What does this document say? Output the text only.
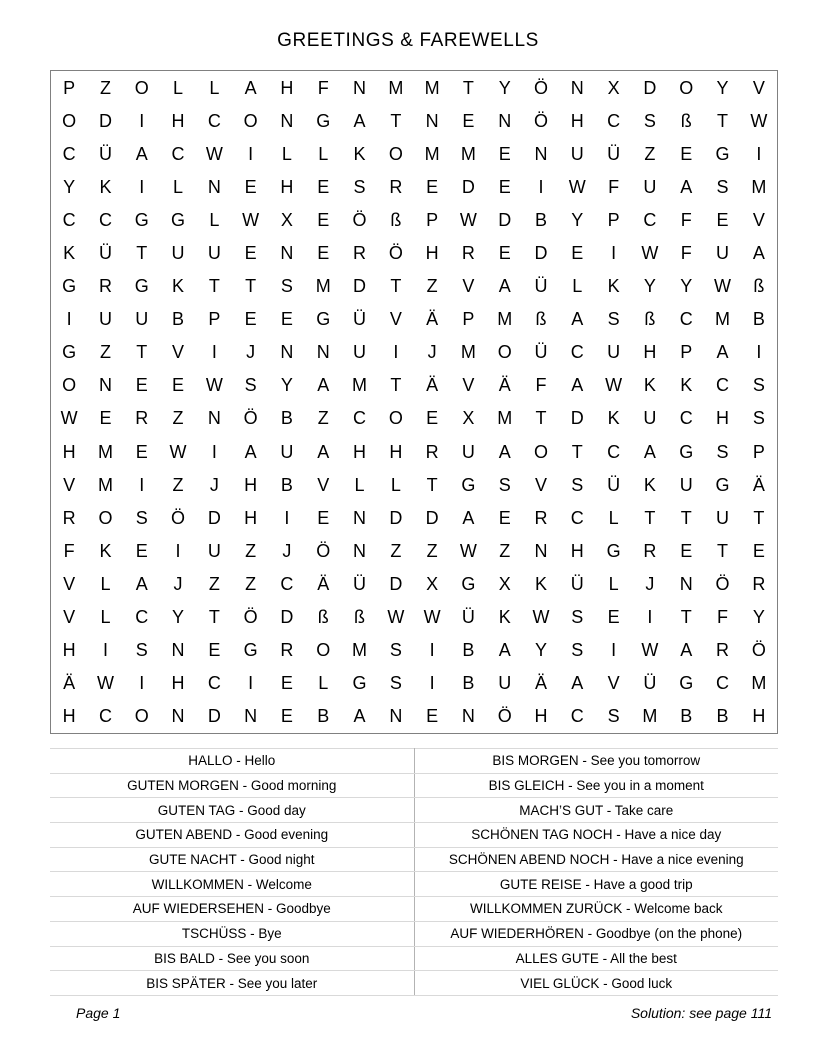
GREETINGS & FAREWELLS
P	Z	O	L	L	A	H	F	N	M	M	T	Y	Ö	N	X	D	O	Y	V
O	D	I	H	C	O	N	G	A	T	N	E	N	Ö	H	C	S	ß	T	W
C	Ü	A	C	W	I	L	L	K	O	M	M	E	N	U	Ü	Z	E	G	I
Y	K	I	L	N	E	H	E	S	R	E	D	E	I	W	F	U	A	S	M
C	C	G	G	L	W	X	E	Ö	ß	P	W	D	B	Y	P	C	F	E	V
K	Ü	T	U	U	E	N	E	R	Ö	H	R	E	D	E	I	W	F	U	A
G	R	G	K	T	T	S	M	D	T	Z	V	A	Ü	L	K	Y	Y	W	ß
I	U	U	B	P	E	E	G	Ü	V	Ä	P	M	ß	A	S	ß	C	M	B
G	Z	T	V	I	J	N	N	U	I	J	M	O	Ü	C	U	H	P	A	I
O	N	E	E	W	S	Y	A	M	T	Ä	V	Ä	F	A	W	K	K	C	S
W	E	R	Z	N	Ö	B	Z	C	O	E	X	M	T	D	K	U	C	H	S
H	M	E	W	I	A	U	A	H	H	R	U	A	O	T	C	A	G	S	P
V	M	I	Z	J	H	B	V	L	L	T	G	S	V	S	Ü	K	U	G	Ä
R	O	S	Ö	D	H	I	E	N	D	D	A	E	R	C	L	T	T	U	T
F	K	E	I	U	Z	J	Ö	N	Z	Z	W	Z	N	H	G	R	E	T	E
V	L	A	J	Z	Z	C	Ä	Ü	D	X	G	X	K	Ü	L	J	N	Ö	R
V	L	C	Y	T	Ö	D	ß	ß	W	W	Ü	K	W	S	E	I	T	F	Y
H	I	S	N	E	G	R	O	M	S	I	B	A	Y	S	I	W	A	R	Ö
Ä	W	I	H	C	I	E	L	G	S	I	B	U	Ä	A	V	Ü	G	C	M
H	C	O	N	D	N	E	B	A	N	E	N	Ö	H	C	S	M	B	B	H
HALLO - Hello	BIS MORGEN - See you tomorrow
GUTEN MORGEN - Good morning	BIS GLEICH - See you in a moment
GUTEN TAG - Good day	MACH’S GUT - Take care
GUTEN ABEND - Good evening	SCHÖNEN TAG NOCH - Have a nice day
GUTE NACHT - Good night	SCHÖNEN ABEND NOCH - Have a nice evening
WILLKOMMEN - Welcome	GUTE REISE - Have a good trip
AUF WIEDERSEHEN - Goodbye	WILLKOMMEN ZURÜCK - Welcome back
TSCHÜSS - Bye	AUF WIEDERHÖREN - Goodbye (on the phone)
BIS BALD - See you soon	ALLES GUTE - All the best
BIS SPÄTER - See you later	VIEL GLÜCK - Good luck
Page 1	Solution: see page 111
